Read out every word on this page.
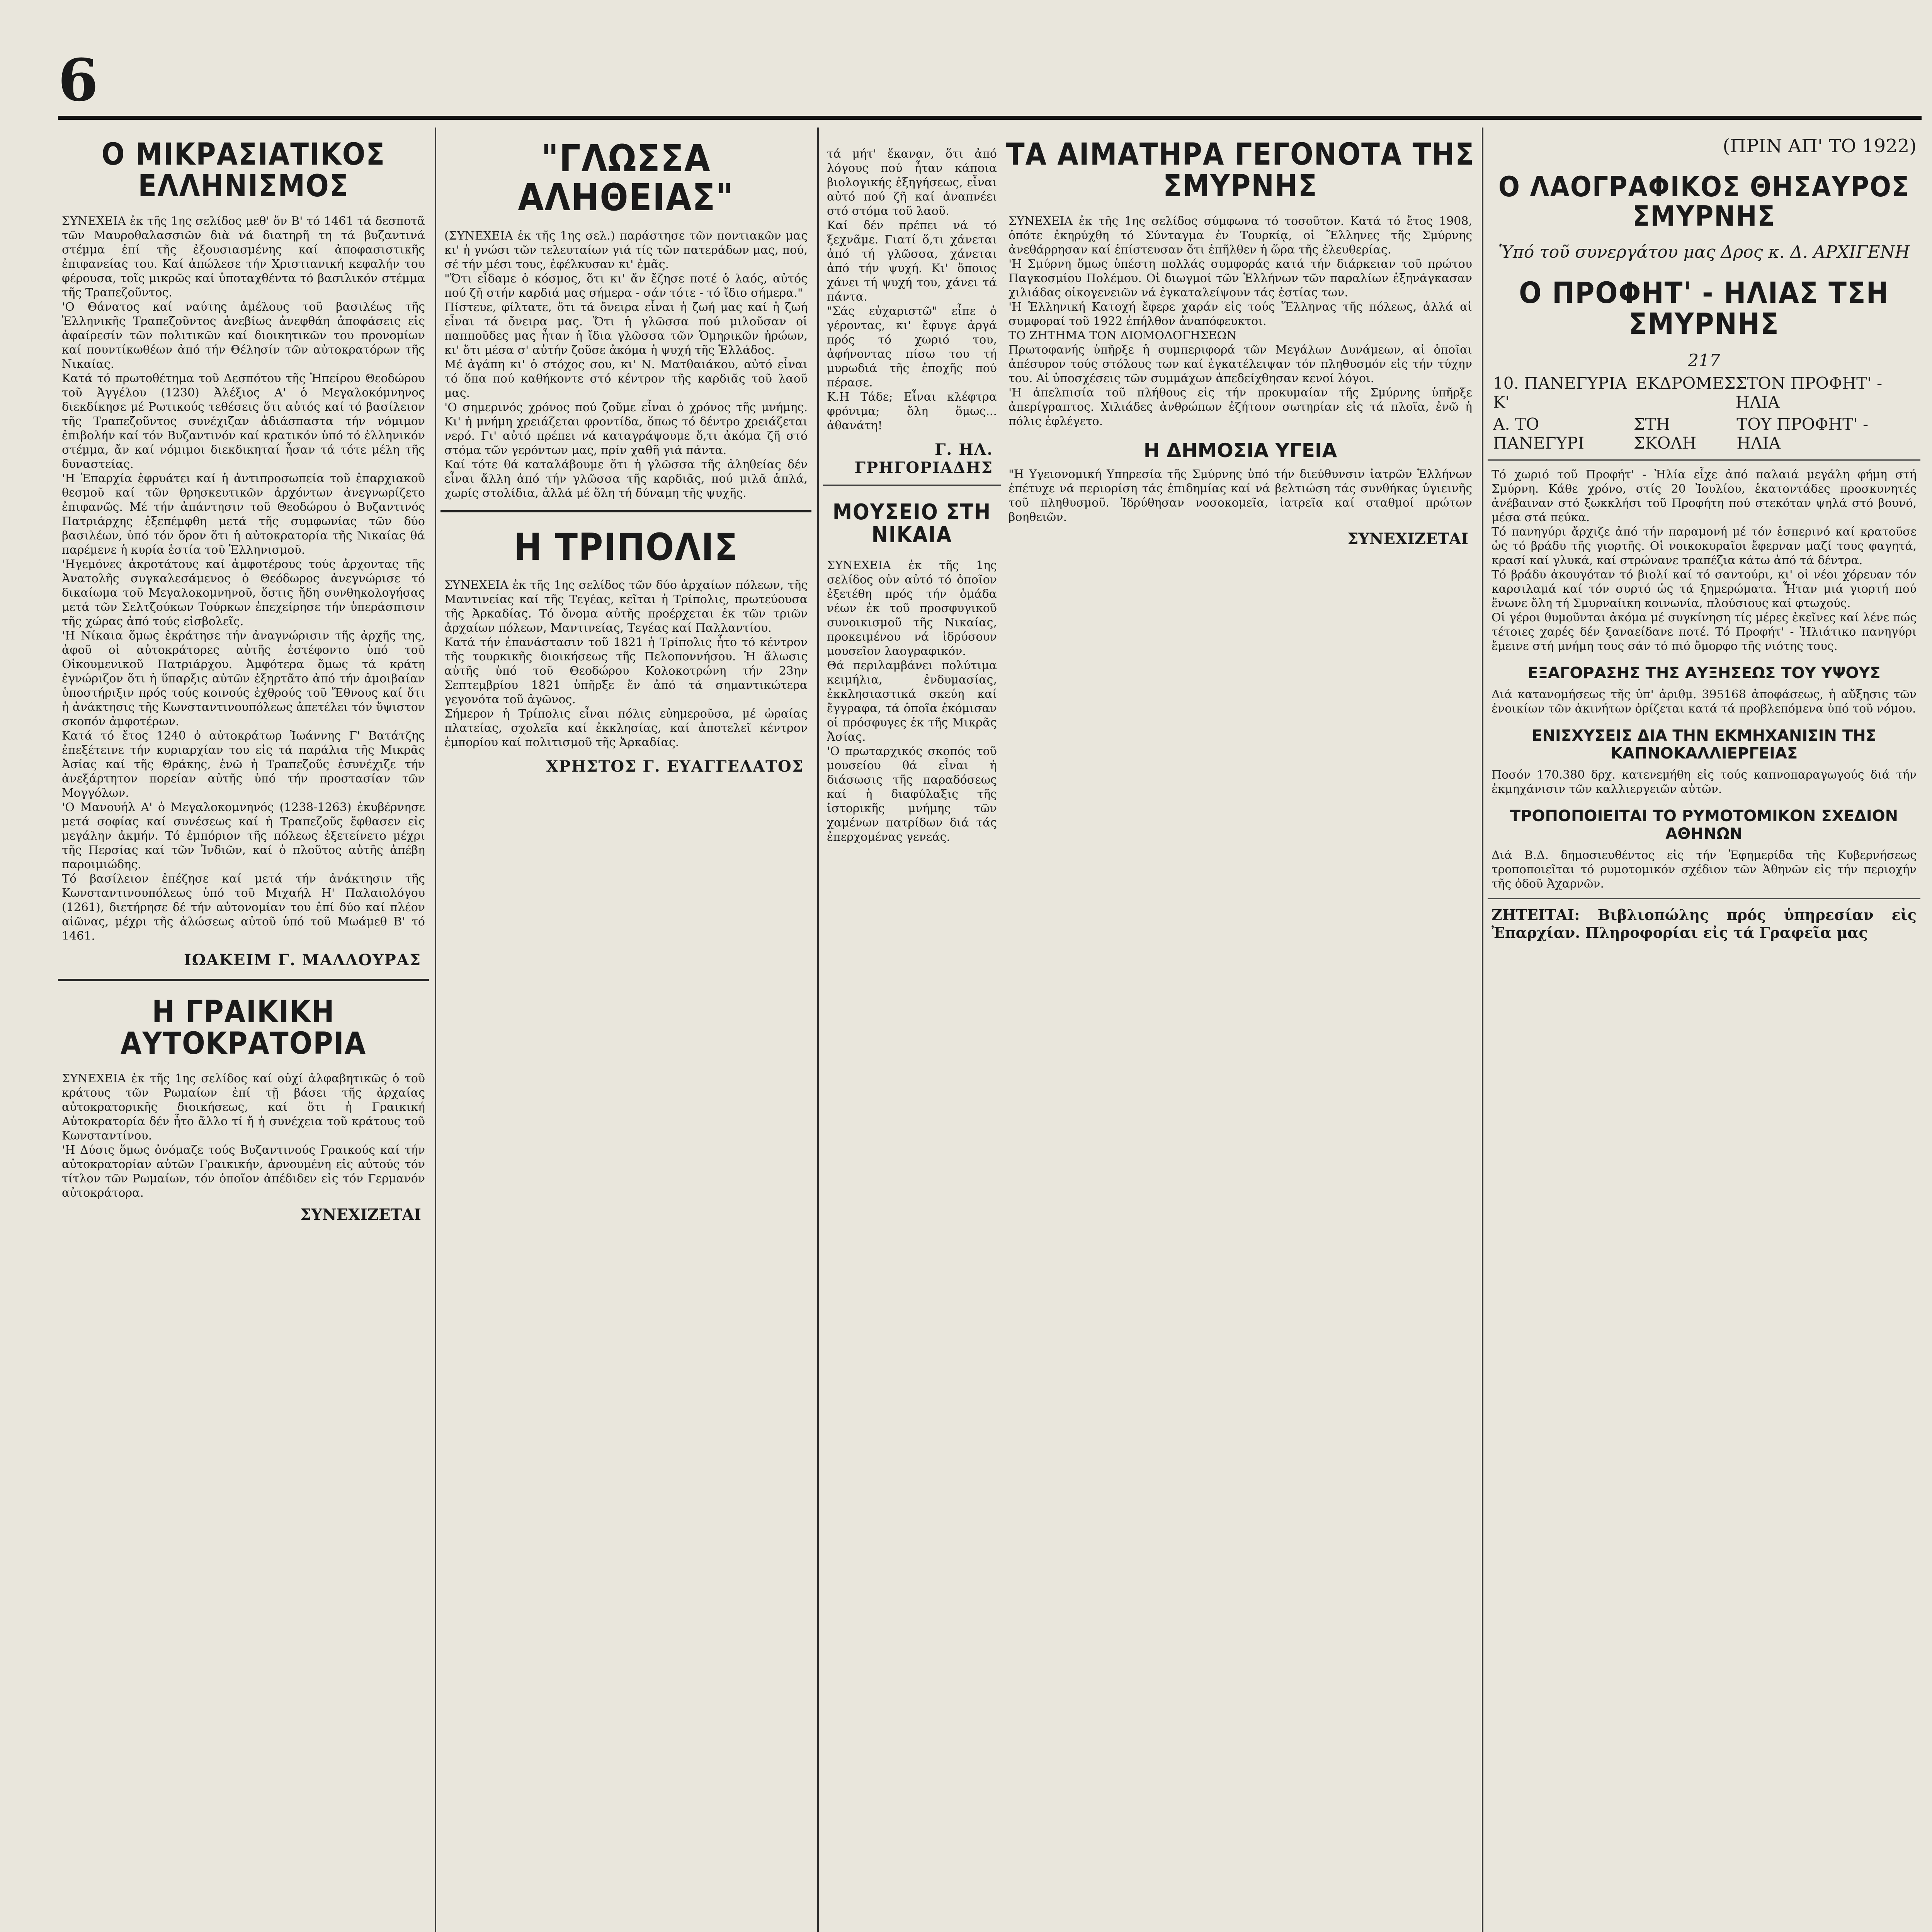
6
Ο ΜΙΚΡΑΣΙΑΤΙΚΟΣ ΕΛΛΗΝΙΣΜΟΣ
ΣΥΝΕΧΕΙΑ ἐκ τῆς 1ης σελίδος μεθ' ὅν Β' τό 1461 τά δεσποτᾶ τῶν Μαυροθαλασσιῶν διὰ νά διατηρῆ τη τά βυζαντινά στέμμα ἐπί τῆς ἐξουσιασμένης καί ἀποφασιστικῆς ἐπιφανείας του. Καί ἀπώλεσε τήν Χριστιανική κεφαλήν του φέρουσα, τοῖς μικρῶς καί ὑποταχθέντα τό βασιλικόν στέμμα τῆς Τραπεζοῦντος.
'Ο Θάνατος καί ναύτης ἀμέλους τοῦ βασιλέως τῆς Ἑλληνικῆς Τραπεζοῦντος ἀνεβίως ἀνεφθάη ἀποφάσεις εἰς ἀφαίρεσίν τῶν πολιτικῶν καί διοικητικῶν του προνομίων καί πουντίκωθέων ἀπό τήν Θέλησίν τῶν αὐτοκρατόρων τῆς Νικαίας.
Κατά τό πρωτοθέτημα τοῦ Δεσπότου τῆς Ἠπείρου Θεοδώρου τοῦ Ἀγγέλου (1230) Ἀλέξιος Α' ὁ Μεγαλοκόμνηνος διεκδίκησε μέ Ρωτικούς τεθέσεις ὅτι αὐτός καί τό βασίλειον τῆς Τραπεζοῦντος συνέχιζαν ἀδιάσπαστα τήν νόμιμον ἐπιβολήν καί τόν Βυζαντινόν καί κρατικόν ὑπό τό ἑλληνικόν στέμμα, ἄν καί νόμιμοι διεκδικηταί ἦσαν τά τότε μέλη τῆς δυναστείας.
'Η Ἐπαρχία ἐφρυάτει καί ἡ ἀντιπροσωπεία τοῦ ἐπαρχιακοῦ θεσμοῦ καί τῶν θρησκευτικῶν ἀρχόντων ἀνεγνωρίζετο ἐπιφανῶς. Μέ τήν ἀπάντησιν τοῦ Θεοδώρου ὁ Βυζαντινός Πατριάρχης ἐξεπέμφθη μετά τῆς συμφωνίας τῶν δύο βασιλέων, ὑπό τόν ὅρον ὅτι ἡ αὐτοκρατορία τῆς Νικαίας θά παρέμενε ἡ κυρία ἑστία τοῦ Ἑλληνισμοῦ.
'Ηγεμόνες ἀκροτάτους καί ἀμφοτέρους τούς ἀρχοντας τῆς Ἀνατολῆς συγκαλεσάμενος ὁ Θεόδωρος ἀνεγνώρισε τό δικαίωμα τοῦ Μεγαλοκομνηνοῦ, ὅστις ἤδη συνθηκολογήσας μετά τῶν Σελτζούκων Τούρκων ἐπεχείρησε τήν ὑπεράσπισιν τῆς χώρας ἀπό τούς εἰσβολεῖς.
'Η Νίκαια ὅμως ἐκράτησε τήν ἀναγνώρισιν τῆς ἀρχῆς της, ἀφοῦ οἱ αὐτοκράτορες αὐτῆς ἐστέφοντο ὑπό τοῦ Οἰκουμενικοῦ Πατριάρχου. Ἀμφότερα ὅμως τά κράτη ἐγνώριζον ὅτι ἡ ὕπαρξις αὐτῶν ἐξηρτᾶτο ἀπό τήν ἀμοιβαίαν ὑποστήριξιν πρός τούς κοινούς ἐχθρούς τοῦ Ἔθνους καί ὅτι ἡ ἀνάκτησις τῆς Κωνσταντινουπόλεως ἀπετέλει τόν ὕψιστον σκοπόν ἀμφοτέρων.
Κατά τό ἔτος 1240 ὁ αὐτοκράτωρ Ἰωάννης Γ' Βατάτζης ἐπεξέτεινε τήν κυριαρχίαν του εἰς τά παράλια τῆς Μικρᾶς Ἀσίας καί τῆς Θράκης, ἐνῶ ἡ Τραπεζοῦς ἐσυνέχιζε τήν ἀνεξάρτητον πορείαν αὐτῆς ὑπό τήν προστασίαν τῶν Μογγόλων.
'Ο Μανουήλ Α' ὁ Μεγαλοκομνηνός (1238-1263) ἐκυβέρνησε μετά σοφίας καί συνέσεως καί ἡ Τραπεζοῦς ἔφθασεν εἰς μεγάλην ἀκμήν. Τό ἐμπόριον τῆς πόλεως ἐξετείνετο μέχρι τῆς Περσίας καί τῶν Ἰνδιῶν, καί ὁ πλοῦτος αὐτῆς ἀπέβη παροιμιώδης.
Τό βασίλειον ἐπέζησε καί μετά τήν ἀνάκτησιν τῆς Κωνσταντινουπόλεως ὑπό τοῦ Μιχαήλ Η' Παλαιολόγου (1261), διετήρησε δέ τήν αὐτονομίαν του ἐπί δύο καί πλέον αἰῶνας, μέχρι τῆς ἁλώσεως αὐτοῦ ὑπό τοῦ Μωάμεθ Β' τό 1461.
ΙΩΑΚΕΙΜ Γ. ΜΑΛΛΟΥΡΑΣ
Η ΓΡΑΙΚΙΚΗ ΑΥΤΟΚΡΑΤΟΡΙΑ
ΣΥΝΕΧΕΙΑ ἐκ τῆς 1ης σελίδος καί οὐχί ἀλφαβητικῶς ὁ τοῦ κράτους τῶν Ρωμαίων ἐπί τῇ βάσει τῆς ἀρχαίας αὐτοκρατορικῆς διοικήσεως, καί ὅτι ἡ Γραικική Αὐτοκρατορία δέν ἦτο ἄλλο τί ἤ ἡ συνέχεια τοῦ κράτους τοῦ Κωνσταντίνου.
'Η Δύσις ὅμως ὀνόμαζε τούς Βυζαντινούς Γραικούς καί τήν αὐτοκρατορίαν αὐτῶν Γραικικήν, ἀρνουμένη εἰς αὐτούς τόν τίτλον τῶν Ρωμαίων, τόν ὁποῖον ἀπέδιδεν εἰς τόν Γερμανόν αὐτοκράτορα.
ΣΥΝΕΧΙΖΕΤΑΙ
"ΓΛΩΣΣΑ ΑΛΗΘΕΙΑΣ"
(ΣΥΝΕΧΕΙΑ ἐκ τῆς 1ης σελ.) παράστησε τῶν ποντιακῶν μας κι' ἡ γνώσι τῶν τελευταίων γιά τίς τῶν πατεράδων μας, πού, σέ τήν μέσι τους, ἐφέλκυσαν κι' ἐμᾶς.
"Ὅτι εἶδαμε ὁ κόσμος, ὅτι κι' ἄν ἔζησε ποτέ ὁ λαός, αὐτός πού ζῆ στήν καρδιά μας σήμερα - σάν τότε - τό ἴδιο σήμερα."
Πίστευε, φίλτατε, ὅτι τά ὄνειρα εἶναι ἡ ζωή μας καί ἡ ζωή εἶναι τά ὄνειρα μας. Ὅτι ἡ γλῶσσα πού μιλοῦσαν οἱ παπποῦδες μας ἦταν ἡ ἴδια γλῶσσα τῶν Ὁμηρικῶν ἡρώων, κι' ὅτι μέσα σ' αὐτήν ζοῦσε ἀκόμα ἡ ψυχή τῆς Ἑλλάδος.
Μέ ἀγάπη κι' ὁ στόχος σου, κι' Ν. Ματθαιάκου, αὐτό εἶναι τό ὅπα πού καθήκοντε στό κέντρον τῆς καρδιᾶς τοῦ λαοῦ μας.
'Ο σημερινός χρόνος πού ζοῦμε εἶναι ὁ χρόνος τῆς μνήμης. Κι' ἡ μνήμη χρειάζεται φροντίδα, ὅπως τό δέντρο χρειάζεται νερό. Γι' αὐτό πρέπει νά καταγράψουμε ὅ,τι ἀκόμα ζῆ στό στόμα τῶν γερόντων μας, πρίν χαθῆ γιά πάντα.
Καί τότε θά καταλάβουμε ὅτι ἡ γλῶσσα τῆς ἀληθείας δέν εἶναι ἄλλη ἀπό τήν γλῶσσα τῆς καρδιᾶς, πού μιλᾶ ἁπλά, χωρίς στολίδια, ἀλλά μέ ὅλη τή δύναμη τῆς ψυχῆς.
Η ΤΡΙΠΟΛΙΣ
ΣΥΝΕΧΕΙΑ ἐκ τῆς 1ης σελίδος τῶν δύο ἀρχαίων πόλεων, τῆς Μαντινείας καί τῆς Τεγέας, κεῖται ἡ Τρίπολις, πρωτεύουσα τῆς Ἀρκαδίας. Τό ὄνομα αὐτῆς προέρχεται ἐκ τῶν τριῶν ἀρχαίων πόλεων, Μαντινείας, Τεγέας καί Παλλαντίου.
Κατά τήν ἐπανάστασιν τοῦ 1821 ἡ Τρίπολις ἦτο τό κέντρον τῆς τουρκικῆς διοικήσεως τῆς Πελοποννήσου. Ἡ ἅλωσις αὐτῆς ὑπό τοῦ Θεοδώρου Κολοκοτρώνη τήν 23ην Σεπτεμβρίου 1821 ὑπῆρξε ἕν ἀπό τά σημαντικώτερα γεγονότα τοῦ ἀγῶνος.
Σήμερον ἡ Τρίπολις εἶναι πόλις εὐημεροῦσα, μέ ὡραίας πλατείας, σχολεῖα καί ἐκκλησίας, καί ἀποτελεῖ κέντρον ἐμπορίου καί πολιτισμοῦ τῆς Ἀρκαδίας.
ΧΡΗΣΤΟΣ Γ. ΕΥΑΓΓΕΛΑΤΟΣ
τά μήτ' ἔκαναν, ὅτι ἀπό λόγους πού ἦταν κάποια βιολογικής ἐξηγήσεως, εἶναι αὐτό πού ζῆ καί ἀναπνέει στό στόμα τοῦ λαοῦ.
Καί δέν πρέπει νά τό ξεχνᾶμε. Γιατί ὅ,τι χάνεται ἀπό τή γλῶσσα, χάνεται ἀπό τήν ψυχή. Κι' ὅποιος χάνει τή ψυχή του, χάνει τά πάντα.
"Σάς εὐχαριστῶ" εἶπε ὁ γέροντας, κι' ἔφυγε ἀργά πρός τό χωριό του, ἀφήνοντας πίσω του τή μυρωδιά τῆς ἐποχῆς πού πέρασε.
Κ.Η Τάδε; Εἶναι κλέφτρα φρόνιμα; ὅλη ὅμως... ἀθανάτη!
Γ. ΗΛ. ΓΡΗΓΟΡΙΑΔΗΣ
ΜΟΥΣΕΙΟ ΣΤΗ ΝΙΚΑΙΑ
ΣΥΝΕΧΕΙΑ ἐκ τῆς 1ης σελίδος οὐν αὐτό τό ὁποῖον ἐξετέθη πρός τήν ὁμάδα νέων ἐκ τοῦ προσφυγικοῦ συνοικισμοῦ τῆς Νικαίας, προκειμένου νά ἱδρύσουν μουσεῖον λαογραφικόν.
Θά περιλαμβάνει πολύτιμα κειμήλια, ἐνδυμασίας, ἐκκλησιαστικά σκεύη καί ἔγγραφα, τά ὁποῖα ἐκόμισαν οἱ πρόσφυγες ἐκ τῆς Μικρᾶς Ἀσίας.
'Ο πρωταρχικός σκοπός τοῦ μουσείου θά εἶναι ἡ διάσωσις τῆς παραδόσεως καί ἡ διαφύλαξις τῆς ἱστορικῆς μνήμης τῶν χαμένων πατρίδων διά τάς ἐπερχομένας γενεάς.
ΤΑ ΑΙΜΑΤΗΡΑ ΓΕΓΟΝΟΤΑ ΤΗΣ ΣΜΥΡΝΗΣ
ΣΥΝΕΧΕΙΑ ἐκ τῆς 1ης σελίδος σύμφωνα τό τοσοῦτον. Κατά τό ἔτος 1908, ὁπότε ἐκηρύχθη τό Σύνταγμα ἐν Τουρκίᾳ, οἱ Ἕλληνες τῆς Σμύρνης ἀνεθάρρησαν καί ἐπίστευσαν ὅτι ἐπῆλθεν ἡ ὥρα τῆς ἐλευθερίας.
'Η Σμύρνη ὅμως ὑπέστη πολλάς συμφοράς κατά τήν διάρκειαν τοῦ πρώτου Παγκοσμίου Πολέμου. Οἱ διωγμοί τῶν Ἑλλήνων τῶν παραλίων ἐξηνάγκασαν χιλιάδας οἰκογενειῶν νά ἐγκαταλείψουν τάς ἑστίας των.
'Η Ἑλληνική Κατοχή ἔφερε χαράν εἰς τούς Ἕλληνας τῆς πόλεως, ἀλλά αἱ συμφοραί τοῦ 1922 ἐπήλθον ἀναπόφευκτοι.
ΤΟ ΖΗΤΗΜΑ ΤΟΝ ΔΙΟΜΟΛΟΓΗΣΕΩΝ
Πρωτοφανής ὑπῆρξε ἡ συμπεριφορά τῶν Μεγάλων Δυνάμεων, αἱ ὁποῖαι ἀπέσυρον τούς στόλους των καί ἐγκατέλειψαν τόν πληθυσμόν εἰς τήν τύχην του. Αἱ ὑποσχέσεις τῶν συμμάχων ἀπεδείχθησαν κενοί λόγοι.
'Η ἀπελπισία τοῦ πλήθους εἰς τήν προκυμαίαν τῆς Σμύρνης ὑπῆρξε ἀπερίγραπτος. Χιλιάδες ἀνθρώπων ἐζήτουν σωτηρίαν εἰς τά πλοῖα, ἐνῶ ἡ πόλις ἐφλέγετο.
Η ΔΗΜΟΣΙΑ ΥΓΕΙΑ
"Η Υγειονομική Υπηρεσία τῆς Σμύρνης ὑπό τήν διεύθυνσιν ἰατρῶν Ἑλλήνων ἐπέτυχε νά περιορίση τάς ἐπιδημίας καί νά βελτιώση τάς συνθήκας ὑγιεινῆς τοῦ πληθυσμοῦ. Ἱδρύθησαν νοσοκομεῖα, ἰατρεῖα καί σταθμοί πρώτων βοηθειῶν.
ΣΥΝΕΧΙΖΕΤΑΙ
(ΠΡΙΝ ΑΠ' ΤΟ 1922)
Ο ΛΑΟΓΡΑΦΙΚΟΣ ΘΗΣΑΥΡΟΣ ΣΜΥΡΝΗΣ
Ὑπό τοῦ συνεργάτου μας Δρος κ. Δ. ΑΡΧΙΓΕΝΗ
Ο ΠΡΟΦΗΤ' - ΗΛΙΑΣ ΤΣΗ ΣΜΥΡΝΗΣ
217
10. ΠΑΝΕΓΥΡΙΑ Κ'
ΕΚΔΡΟΜΕΣ ΣΤΟΝ ΠΡΟΦΗΤ' - ΗΛΙΑ
Α. ΤΟ ΠΑΝΕΓΥΡΙ
ΣΤΗ ΣΚΟΛΗ
ΤΟΥ ΠΡΟΦΗΤ' - ΗΛΙΑ
Τό χωριό τοῦ Προφήτ' - Ἠλία εἶχε ἀπό παλαιά μεγάλη φήμη στή Σμύρνη. Κάθε χρόνο, στίς 20 Ἰουλίου, ἑκατοντάδες προσκυνητές ἀνέβαιναν στό ξωκκλήσι τοῦ Προφήτη πού στεκόταν ψηλά στό βουνό, μέσα στά πεύκα.
Τό πανηγύρι ἄρχιζε ἀπό τήν παραμονή μέ τόν ἑσπερινό καί κρατοῦσε ὡς τό βράδυ τῆς γιορτῆς. Οἱ νοικοκυραῖοι ἔφερναν μαζί τους φαγητά, κρασί καί γλυκά, καί στρώνανε τραπέζια κάτω ἀπό τά δέντρα.
Τό βράδυ ἀκουγόταν τό βιολί καί τό σαντούρι, κι' οἱ νέοι χόρευαν τόν καρσιλαμά καί τόν συρτό ὡς τά ξημερώματα. Ἦταν μιά γιορτή πού ἕνωνε ὅλη τή Σμυρναίικη κοινωνία, πλούσιους καί φτωχούς.
Οἱ γέροι θυμοῦνται ἀκόμα μέ συγκίνηση τίς μέρες ἐκεῖνες καί λένε πώς τέτοιες χαρές δέν ξαναείδανε ποτέ. Τό Προφήτ' - Ἠλιάτικο πανηγύρι ἔμεινε στή μνήμη τους σάν τό πιό ὄμορφο τῆς νιότης τους.
ΕΞΑΓΟΡΑΣΗΣ ΤΗΣ ΑΥΞΗΣΕΩΣ ΤΟΥ ΥΨΟΥΣ
Διά κατανομήσεως τῆς ὑπ' ἀριθμ. 395168 ἀποφάσεως, ἡ αὔξησις τῶν ἐνοικίων τῶν ἀκινήτων ὁρίζεται κατά τά προβλεπόμενα ὑπό τοῦ νόμου.
ΕΝΙΣΧΥΣΕΙΣ ΔΙΑ ΤΗΝ ΕΚΜΗΧΑΝΙΣΙΝ ΤΗΣ ΚΑΠΝΟΚΑΛΛΙΕΡΓΕΙΑΣ
Ποσόν 170.380 δρχ. κατενεμήθη εἰς τούς καπνοπαραγωγούς διά τήν ἐκμηχάνισιν τῶν καλλιεργειῶν αὐτῶν.
ΤΡΟΠΟΠΟΙΕΙΤΑΙ ΤΟ ΡΥΜΟΤΟΜΙΚΟΝ ΣΧΕΔΙΟΝ ΑΘΗΝΩΝ
Διά Β.Δ. δημοσιευθέντος εἰς τήν Ἐφημερίδα τῆς Κυβερνήσεως τροποποιεῖται τό ρυμοτομικόν σχέδιον τῶν Ἀθηνῶν εἰς τήν περιοχήν τῆς ὁδοῦ Ἀχαρνῶν.
ΖΗΤΕΙΤΑΙ: Βιβλιοπώλης πρός ὑπηρεσίαν εἰς Ἐπαρχίαν. Πληροφορίαι εἰς τά Γραφεῖα μας
